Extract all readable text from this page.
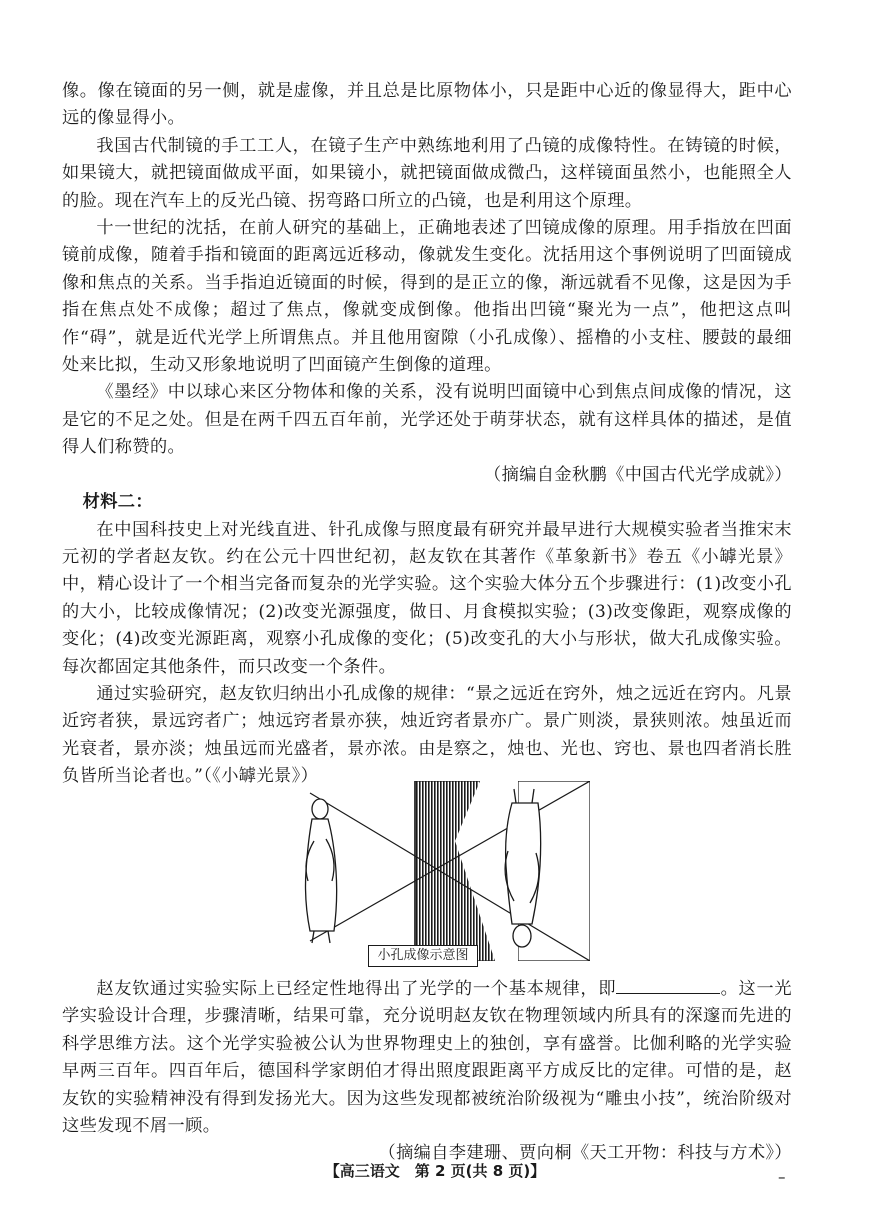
像。像在镜面的另一侧，就是虚像，并且总是比原物体小，只是距中心近的像显得大，距中心远的像显得小。

我国古代制镜的手工工人，在镜子生产中熟练地利用了凸镜的成像特性。在铸镜的时候，如果镜大，就把镜面做成平面，如果镜小，就把镜面做成微凸，这样镜面虽然小，也能照全人的脸。现在汽车上的反光凸镜、拐弯路口所立的凸镜，也是利用这个原理。

十一世纪的沈括，在前人研究的基础上，正确地表述了凹镜成像的原理。用手指放在凹面镜前成像，随着手指和镜面的距离远近移动，像就发生变化。沈括用这个事例说明了凹面镜成像和焦点的关系。当手指迫近镜面的时候，得到的是正立的像，渐远就看不见像，这是因为手指在焦点处不成像；超过了焦点，像就变成倒像。他指出凹镜“聚光为一点”，他把这点叫作“碍”，就是近代光学上所谓焦点。并且他用窗隙（小孔成像）、摇橹的小支柱、腰鼓的最细处来比拟，生动又形象地说明了凹面镜产生倒像的道理。

《墨经》中以球心来区分物体和像的关系，没有说明凹面镜中心到焦点间成像的情况，这是它的不足之处。但是在两千四五百年前，光学还处于萌芽状态，就有这样具体的描述，是值得人们称赞的。

（摘编自金秋鹏《中国古代光学成就》）

材料二：

在中国科技史上对光线直进、针孔成像与照度最有研究并最早进行大规模实验者当推宋末元初的学者赵友钦。约在公元十四世纪初，赵友钦在其著作《革象新书》卷五《小罅光景》中，精心设计了一个相当完备而复杂的光学实验。这个实验大体分五个步骤进行：(1)改变小孔的大小，比较成像情况；(2)改变光源强度，做日、月食模拟实验；(3)改变像距，观察成像的变化；(4)改变光源距离，观察小孔成像的变化；(5)改变孔的大小与形状，做大孔成像实验。每次都固定其他条件，而只改变一个条件。

通过实验研究，赵友钦归纳出小孔成像的规律：“景之远近在窍外，烛之远近在窍内。凡景近窍者狭，景远窍者广；烛远窍者景亦狭，烛近窍者景亦广。景广则淡，景狭则浓。烛虽近而光衰者，景亦淡；烛虽远而光盛者，景亦浓。由是察之，烛也、光也、窍也、景也四者消长胜负皆所当论者也。”（《小罅光景》）

小孔成像示意图

赵友钦通过实验实际上已经定性地得出了光学的一个基本规律，即	。这一光学实验设计合理，步骤清晰，结果可靠，充分说明赵友钦在物理领域内所具有的深邃而先进的科学思维方法。这个光学实验被公认为世界物理史上的独创，享有盛誉。比伽利略的光学实验早两三百年。四百年后，德国科学家朗伯才得出照度跟距离平方成反比的定律。可惜的是，赵友钦的实验精神没有得到发扬光大。因为这些发现都被统治阶级视为“雕虫小技”，统治阶级对这些发现不屑一顾。

（摘编自李建珊、贾向桐《天工开物：科技与方术》）

【高三语文　第 2 页(共 8 页)】	–
